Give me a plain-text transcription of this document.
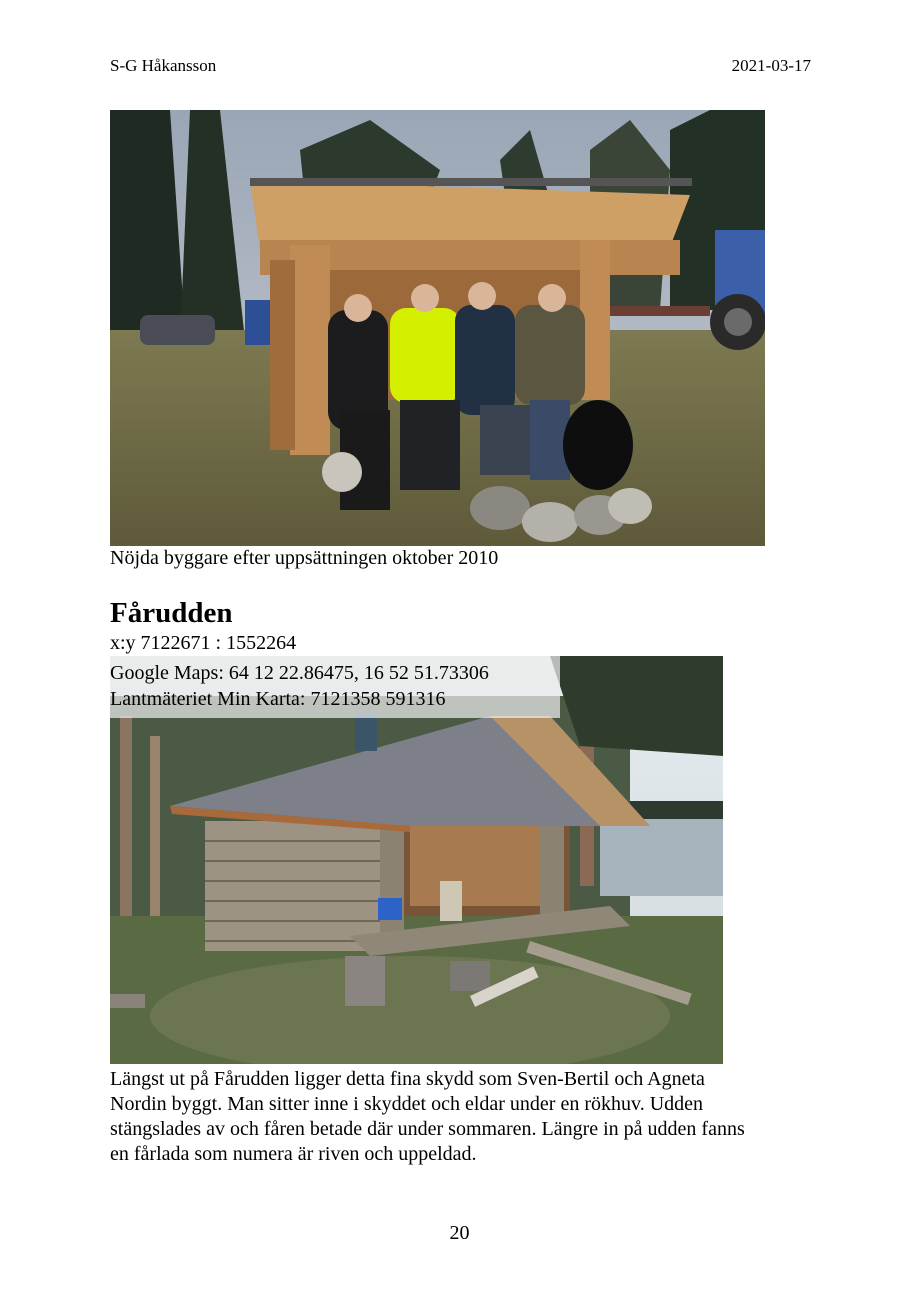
S-G Håkansson	2021-03-17
Nöjda byggare efter uppsättningen oktober 2010
Fårudden
x:y 7122671 : 1552264
Google Maps: 64 12 22.86475, 16 52 51.73306
Lantmäteriet Min Karta: 7121358 591316
Längst ut på Fårudden ligger detta fina skydd som Sven-Bertil och Agneta
Nordin byggt. Man sitter inne i skyddet och eldar under en rökhuv. Udden
stängslades av och fåren betade där under sommaren. Längre in på udden fanns
en fårlada som numera är riven och uppeldad.
20
